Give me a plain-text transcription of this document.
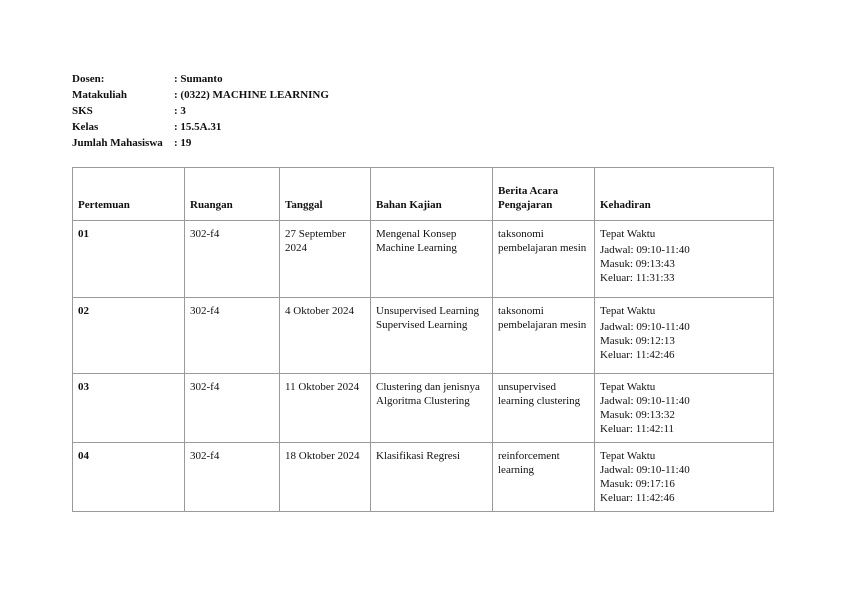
Dosen:	: Sumanto
Matakuliah	: (0322) MACHINE LEARNING
SKS	: 3
Kelas	: 15.5A.31
Jumlah Mahasiswa	: 19
Pertemuan	Ruangan	Tanggal	Bahan Kajian	Berita Acara Pengajaran	Kehadiran
01	302-f4	27 September 2024	Mengenal Konsep Machine Learning	taksonomi pembelajaran mesin	Tepat Waktu
Jadwal: 09:10-11:40
Masuk: 09:13:43
Keluar: 11:31:33

02	302-f4	4 Oktober 2024	Unsupervised Learning Supervised Learning	taksonomi pembelajaran mesin	Tepat Waktu
Jadwal: 09:10-11:40
Masuk: 09:12:13
Keluar: 11:42:46

03	302-f4	11 Oktober 2024	Clustering dan jenisnya Algoritma Clustering	unsupervised learning clustering	Tepat Waktu
Jadwal: 09:10-11:40
Masuk: 09:13:32
Keluar: 11:42:11

04	302-f4	18 Oktober 2024	Klasifikasi Regresi	reinforcement learning	Tepat Waktu
Jadwal: 09:10-11:40
Masuk: 09:17:16
Keluar: 11:42:46
